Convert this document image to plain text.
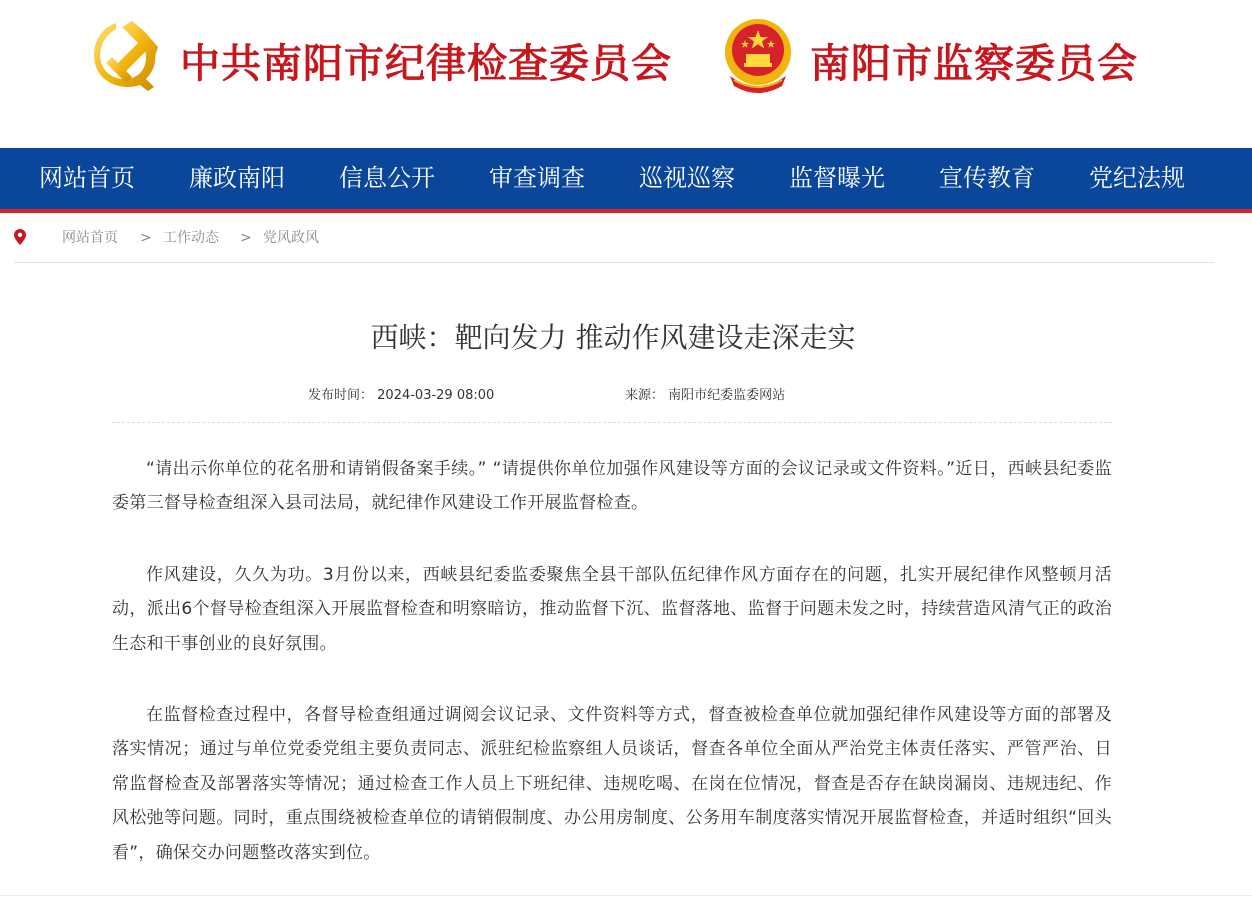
中共南阳市纪律检查委员会	南阳市监察委员会
网站首页	廉政南阳	信息公开	审查调查	巡视巡察	监督曝光	宣传教育	党纪法规
网站首页 > 工作动态 > 党风政风
西峡：靶向发力 推动作风建设走深走实
发布时间： 2024-03-29 08:00	来源： 南阳市纪委监委网站

“请出示你单位的花名册和请销假备案手续。” “请提供你单位加强作风建设等方面的会议记录或文件资料。”近日，西峡县纪委监委第三督导检查组深入县司法局，就纪律作风建设工作开展监督检查。

作风建设，久久为功。3月份以来，西峡县纪委监委聚焦全县干部队伍纪律作风方面存在的问题，扎实开展纪律作风整顿月活动，派出6个督导检查组深入开展监督检查和明察暗访，推动监督下沉、监督落地、监督于问题未发之时，持续营造风清气正的政治生态和干事创业的良好氛围。

在监督检查过程中，各督导检查组通过调阅会议记录、文件资料等方式，督查被检查单位就加强纪律作风建设等方面的部署及落实情况；通过与单位党委党组主要负责同志、派驻纪检监察组人员谈话，督查各单位全面从严治党主体责任落实、严管严治、日常监督检查及部署落实等情况；通过检查工作人员上下班纪律、违规吃喝、在岗在位情况，督查是否存在缺岗漏岗、违规违纪、作风松弛等问题。同时，重点围绕被检查单位的请销假制度、办公用房制度、公务用车制度落实情况开展监督检查，并适时组织“回头看”，确保交办问题整改落实到位。
